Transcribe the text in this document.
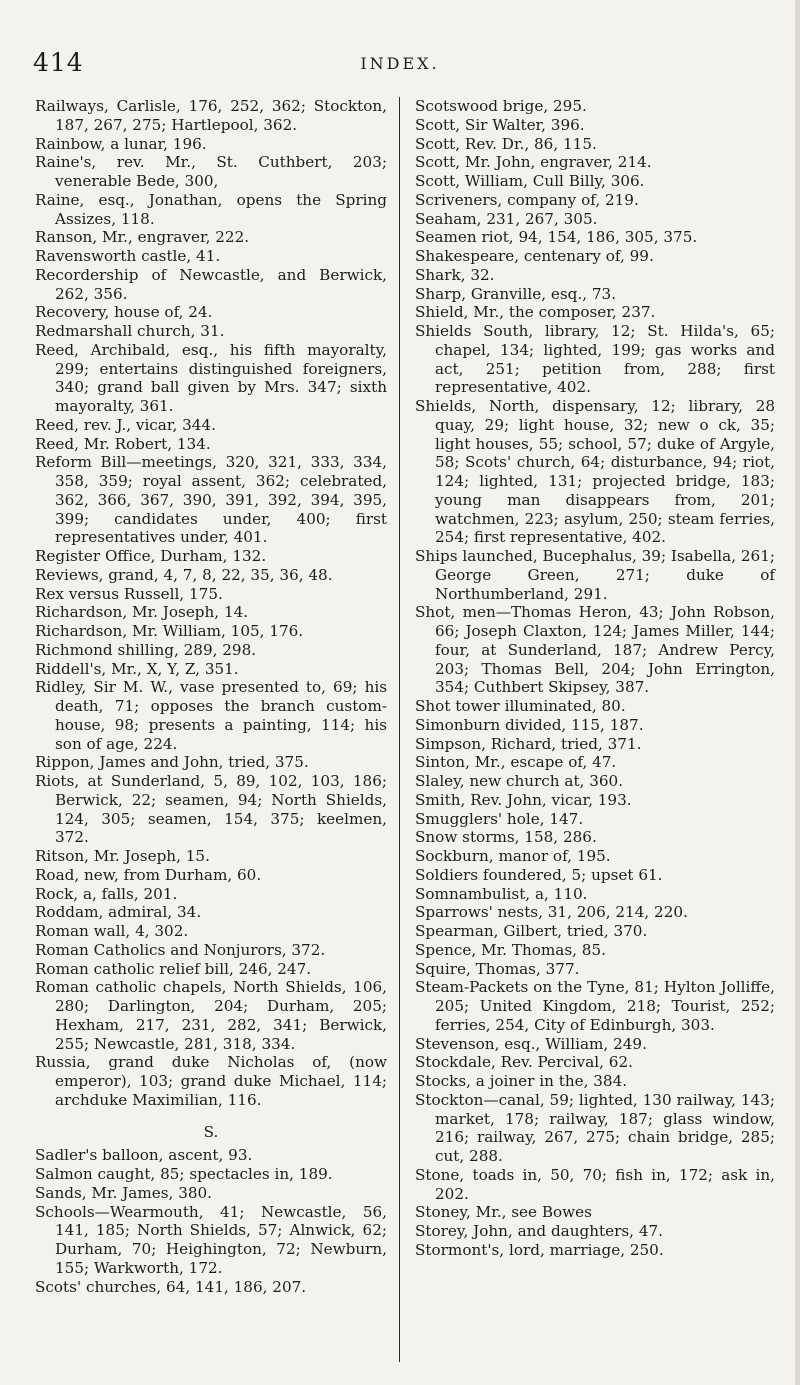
414	INDEX.

Railways, Carlisle, 176, 252, 362; Stockton, 187, 267, 275; Hartlepool, 362.

Rainbow, a lunar, 196.

Raine's, rev. Mr., St. Cuthbert, 203; venerable Bede, 300,

Raine, esq., Jonathan, opens the Spring Assizes, 118.

Ranson, Mr., engraver, 222.

Ravensworth castle, 41.

Recordership of Newcastle, and Berwick, 262, 356.

Recovery, house of, 24.

Redmarshall church, 31.

Reed, Archibald, esq., his fifth mayoralty, 299; entertains distinguished foreigners, 340; grand ball given by Mrs. 347; sixth mayoralty, 361.

Reed, rev. J., vicar, 344.

Reed, Mr. Robert, 134.

Reform Bill—meetings, 320, 321, 333, 334, 358, 359; royal assent, 362; celebrated, 362, 366, 367, 390, 391, 392, 394, 395, 399; candidates under, 400; first representatives under, 401.

Register Office, Durham, 132.

Reviews, grand, 4, 7, 8, 22, 35, 36, 48.

Rex versus Russell, 175.

Richardson, Mr. Joseph, 14.

Richardson, Mr. William, 105, 176.

Richmond shilling, 289, 298.

Riddell's, Mr., X, Y, Z, 351.

Ridley, Sir M. W., vase presented to, 69; his death, 71; opposes the branch custom-house, 98; presents a painting, 114; his son of age, 224.

Rippon, James and John, tried, 375.

Riots, at Sunderland, 5, 89, 102, 103, 186; Berwick, 22; seamen, 94; North Shields, 124, 305; seamen, 154, 375; keelmen, 372.

Ritson, Mr. Joseph, 15.

Road, new, from Durham, 60.

Rock, a, falls, 201.

Roddam, admiral, 34.

Roman wall, 4, 302.

Roman Catholics and Nonjurors, 372.

Roman catholic relief bill, 246, 247.

Roman catholic chapels, North Shields, 106, 280; Darlington, 204; Durham, 205; Hexham, 217, 231, 282, 341; Berwick, 255; Newcastle, 281, 318, 334.

Russia, grand duke Nicholas of, (now emperor), 103; grand duke Michael, 114; archduke Maximilian, 116.

S.

Sadler's balloon, ascent, 93.

Salmon caught, 85; spectacles in, 189.

Sands, Mr. James, 380.

Schools—Wearmouth, 41; Newcastle, 56, 141, 185; North Shields, 57; Alnwick, 62; Durham, 70; Heighington, 72; Newburn, 155; Warkworth, 172.

Scots' churches, 64, 141, 186, 207.

Scotswood brige, 295.

Scott, Sir Walter, 396.

Scott, Rev. Dr., 86, 115.

Scott, Mr. John, engraver, 214.

Scott, William, Cull Billy, 306.

Scriveners, company of, 219.

Seaham, 231, 267, 305.

Seamen riot, 94, 154, 186, 305, 375.

Shakespeare, centenary of, 99.

Shark, 32.

Sharp, Granville, esq., 73.

Shield, Mr., the composer, 237.

Shields South, library, 12; St. Hilda's, 65; chapel, 134; lighted, 199; gas works and act, 251; petition from, 288; first representative, 402.

Shields, North, dispensary, 12; library, 28 quay, 29; light house, 32; new o ck, 35; light houses, 55; school, 57; duke of Argyle, 58; Scots' church, 64; disturbance, 94; riot, 124; lighted, 131; projected bridge, 183; young man disappears from, 201; watchmen, 223; asylum, 250; steam ferries, 254; first representative, 402.

Ships launched, Bucephalus, 39; Isabella, 261; George Green, 271; duke of Northumberland, 291.

Shot, men—Thomas Heron, 43; John Robson, 66; Joseph Claxton, 124; James Miller, 144; four, at Sunderland, 187; Andrew Percy, 203; Thomas Bell, 204; John Errington, 354; Cuthbert Skipsey, 387.

Shot tower illuminated, 80.

Simonburn divided, 115, 187.

Simpson, Richard, tried, 371.

Sinton, Mr., escape of, 47.

Slaley, new church at, 360.

Smith, Rev. John, vicar, 193.

Smugglers' hole, 147.

Snow storms, 158, 286.

Sockburn, manor of, 195.

Soldiers foundered, 5; upset 61.

Somnambulist, a, 110.

Sparrows' nests, 31, 206, 214, 220.

Spearman, Gilbert, tried, 370.

Spence, Mr. Thomas, 85.

Squire, Thomas, 377.

Steam-Packets on the Tyne, 81; Hylton Jolliffe, 205; United Kingdom, 218; Tourist, 252; ferries, 254, City of Edinburgh, 303.

Stevenson, esq., William, 249.

Stockdale, Rev. Percival, 62.

Stocks, a joiner in the, 384.

Stockton—canal, 59; lighted, 130 railway, 143; market, 178; railway, 187; glass window, 216; railway, 267, 275; chain bridge, 285; cut, 288.

Stone, toads in, 50, 70; fish in, 172; ask in, 202.

Stoney, Mr., see Bowes

Storey, John, and daughters, 47.

Stormont's, lord, marriage, 250.
